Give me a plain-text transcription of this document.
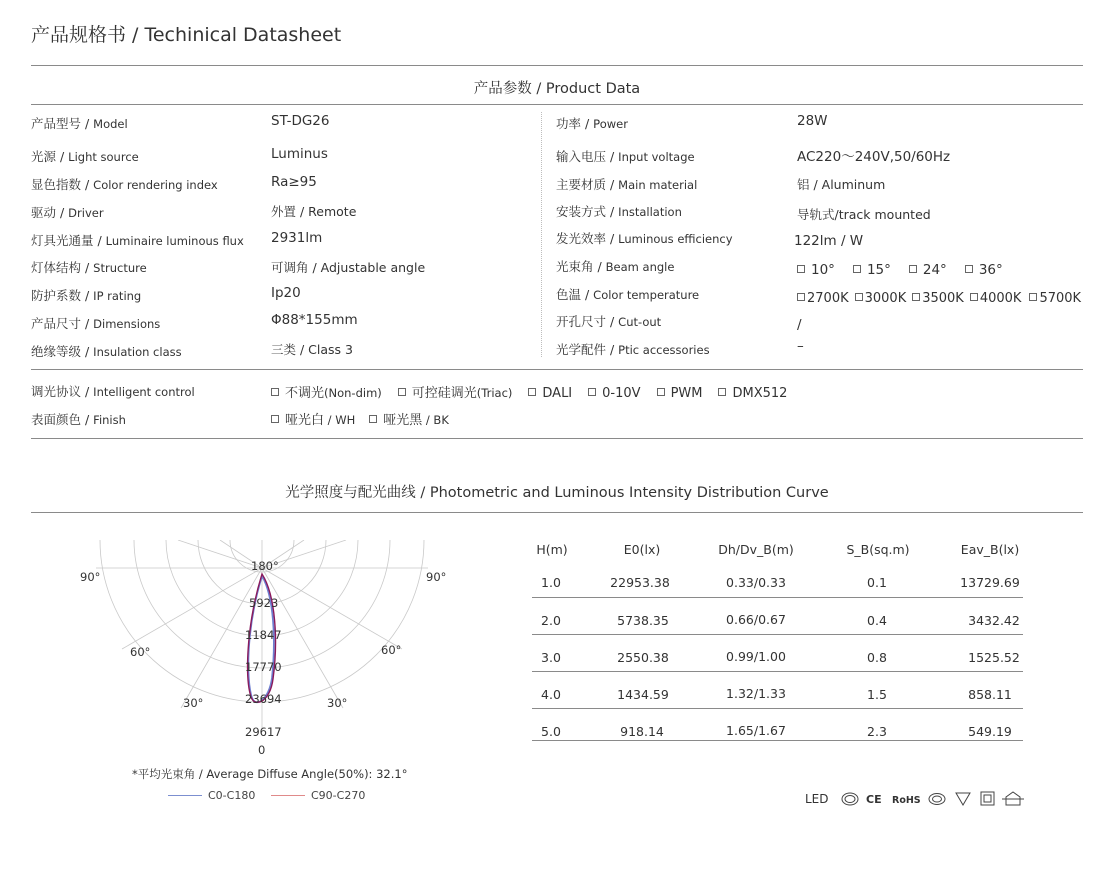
产品规格书 / Techinical Datasheet
产品参数 / Product Data
产品型号 / Model	ST-DG26
光源 / Light source	Luminus
显色指数 / Color rendering index	Ra≥95
驱动 / Driver	外置 / Remote
灯具光通量 / Luminaire luminous flux 2931lm
灯体结构 / Structure	可调角 / Adjustable angle
防护系数 / IP rating	Ip20
产品尺寸 / Dimensions	Φ88*155mm
绝缘等级 / Insulation class	三类 / Class 3
功率 / Power	28W
输入电压 / Input voltage	AC220～240V,50/60Hz
主要材质 / Main material	铝 / Aluminum
安装方式 / Installation	导轨式/track mounted
发光效率 / Luminous efficiency	122lm / W
光束角 / Beam angle	10° 15° 24° 36°
色温 / Color temperature	2700K 3000K 3500K 4000K 5700K
开孔尺寸 / Cut-out	/
光学配件 / Ptic accessories	–
调光协议 / Intelligent control	不调光(Non-dim) 可控硅调光(Triac) DALI 0-10V PWM DMX512
表面颜色 / Finish	哑光白 / WH 哑光黑 / BK
光学照度与配光曲线 / Photometric and Luminous Intensity Distribution Curve
180°
90°	90°
60°	60°
30°	30°
0
5923
11847
17770
23694
29617
*平均光束角 / Average Diffuse Angle(50%): 32.1°
C0-C180	C90-C270
H(m)	E0(lx)	Dh/Dv_B(m)	S_B(sq.m)	Eav_B(lx)
1.0	22953.38	0.33/0.33	0.1	13729.69
2.0	5738.35	0.66/0.67	0.4	3432.42
3.0	2550.38	0.99/1.00	0.8	1525.52
4.0	1434.59	1.32/1.33	1.5	858.11
5.0	918.14	1.65/1.67	2.3	549.19
LED	CE RoHS
